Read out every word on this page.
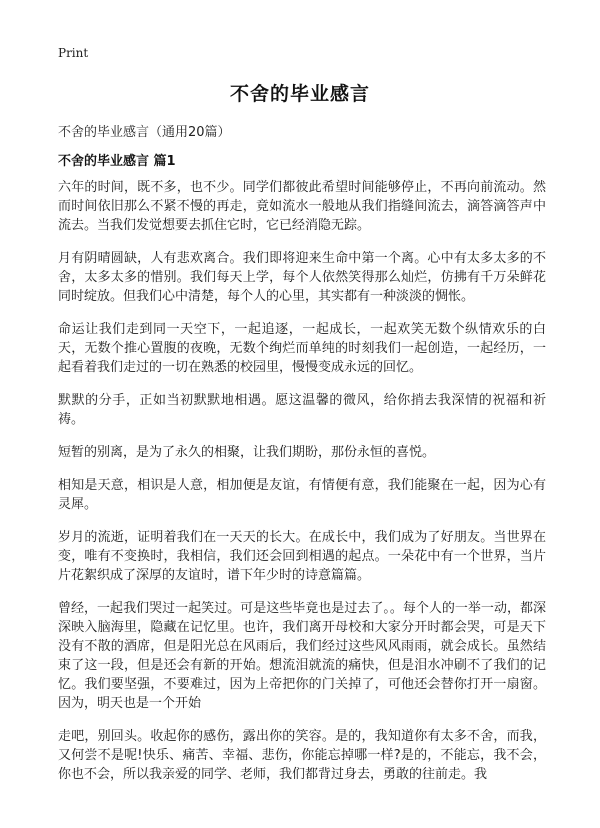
Print
不舍的毕业感言
不舍的毕业感言（通用20篇）
不舍的毕业感言 篇1

六年的时间，既不多，也不少。同学们都彼此希望时间能够停止，不再向前流动。然而时间依旧那么不紧不慢的再走，竟如流水一般地从我们指缝间流去，滴答滴答声中流去。当我们发觉想要去抓住它时，它已经消隐无踪。

月有阴晴圆缺，人有悲欢离合。我们即将迎来生命中第一个离。心中有太多太多的不舍，太多太多的惜别。我们每天上学，每个人依然笑得那么灿烂，仿拂有千万朵鲜花同时绽放。但我们心中清楚，每个人的心里，其实都有一种淡淡的惆怅。

命运让我们走到同一天空下，一起追逐，一起成长，一起欢笑无数个纵情欢乐的白天，无数个推心置腹的夜晚，无数个绚烂而单纯的时刻我们一起创造，一起经历，一起看着我们走过的一切在熟悉的校园里，慢慢变成永远的回忆。

默默的分手，正如当初默默地相遇。愿这温馨的微风，给你捎去我深情的祝福和祈祷。

短暂的别离，是为了永久的相聚，让我们期盼，那份永恒的喜悦。

相知是天意，相识是人意，相加便是友谊，有情便有意，我们能聚在一起，因为心有灵犀。

岁月的流逝，证明着我们在一天天的长大。在成长中，我们成为了好朋友。当世界在变，唯有不变换时，我相信，我们还会回到相遇的起点。一朵花中有一个世界，当片片花絮织成了深厚的友谊时，谱下年少时的诗意篇篇。

曾经，一起我们哭过一起笑过。可是这些毕竟也是过去了。。每个人的一举一动，都深深映入脑海里，隐藏在记忆里。也许，我们离开母校和大家分开时都会哭，可是天下没有不散的酒席，但是阳光总在风雨后，我们经过这些风风雨雨，就会成长。虽然结束了这一段，但是还会有新的开始。想流泪就流的痛快，但是泪水冲刷不了我们的记忆。我们要坚强，不要难过，因为上帝把你的门关掉了，可他还会替你打开一扇窗。因为，明天也是一个开始

走吧，别回头。收起你的感伤，露出你的笑容。是的，我知道你有太多不舍，而我，又何尝不是呢!快乐、痛苦、幸福、悲伤，你能忘掉哪一样?是的，不能忘，我不会，你也不会，所以我亲爱的同学、老师，我们都背过身去，勇敢的往前走。我
